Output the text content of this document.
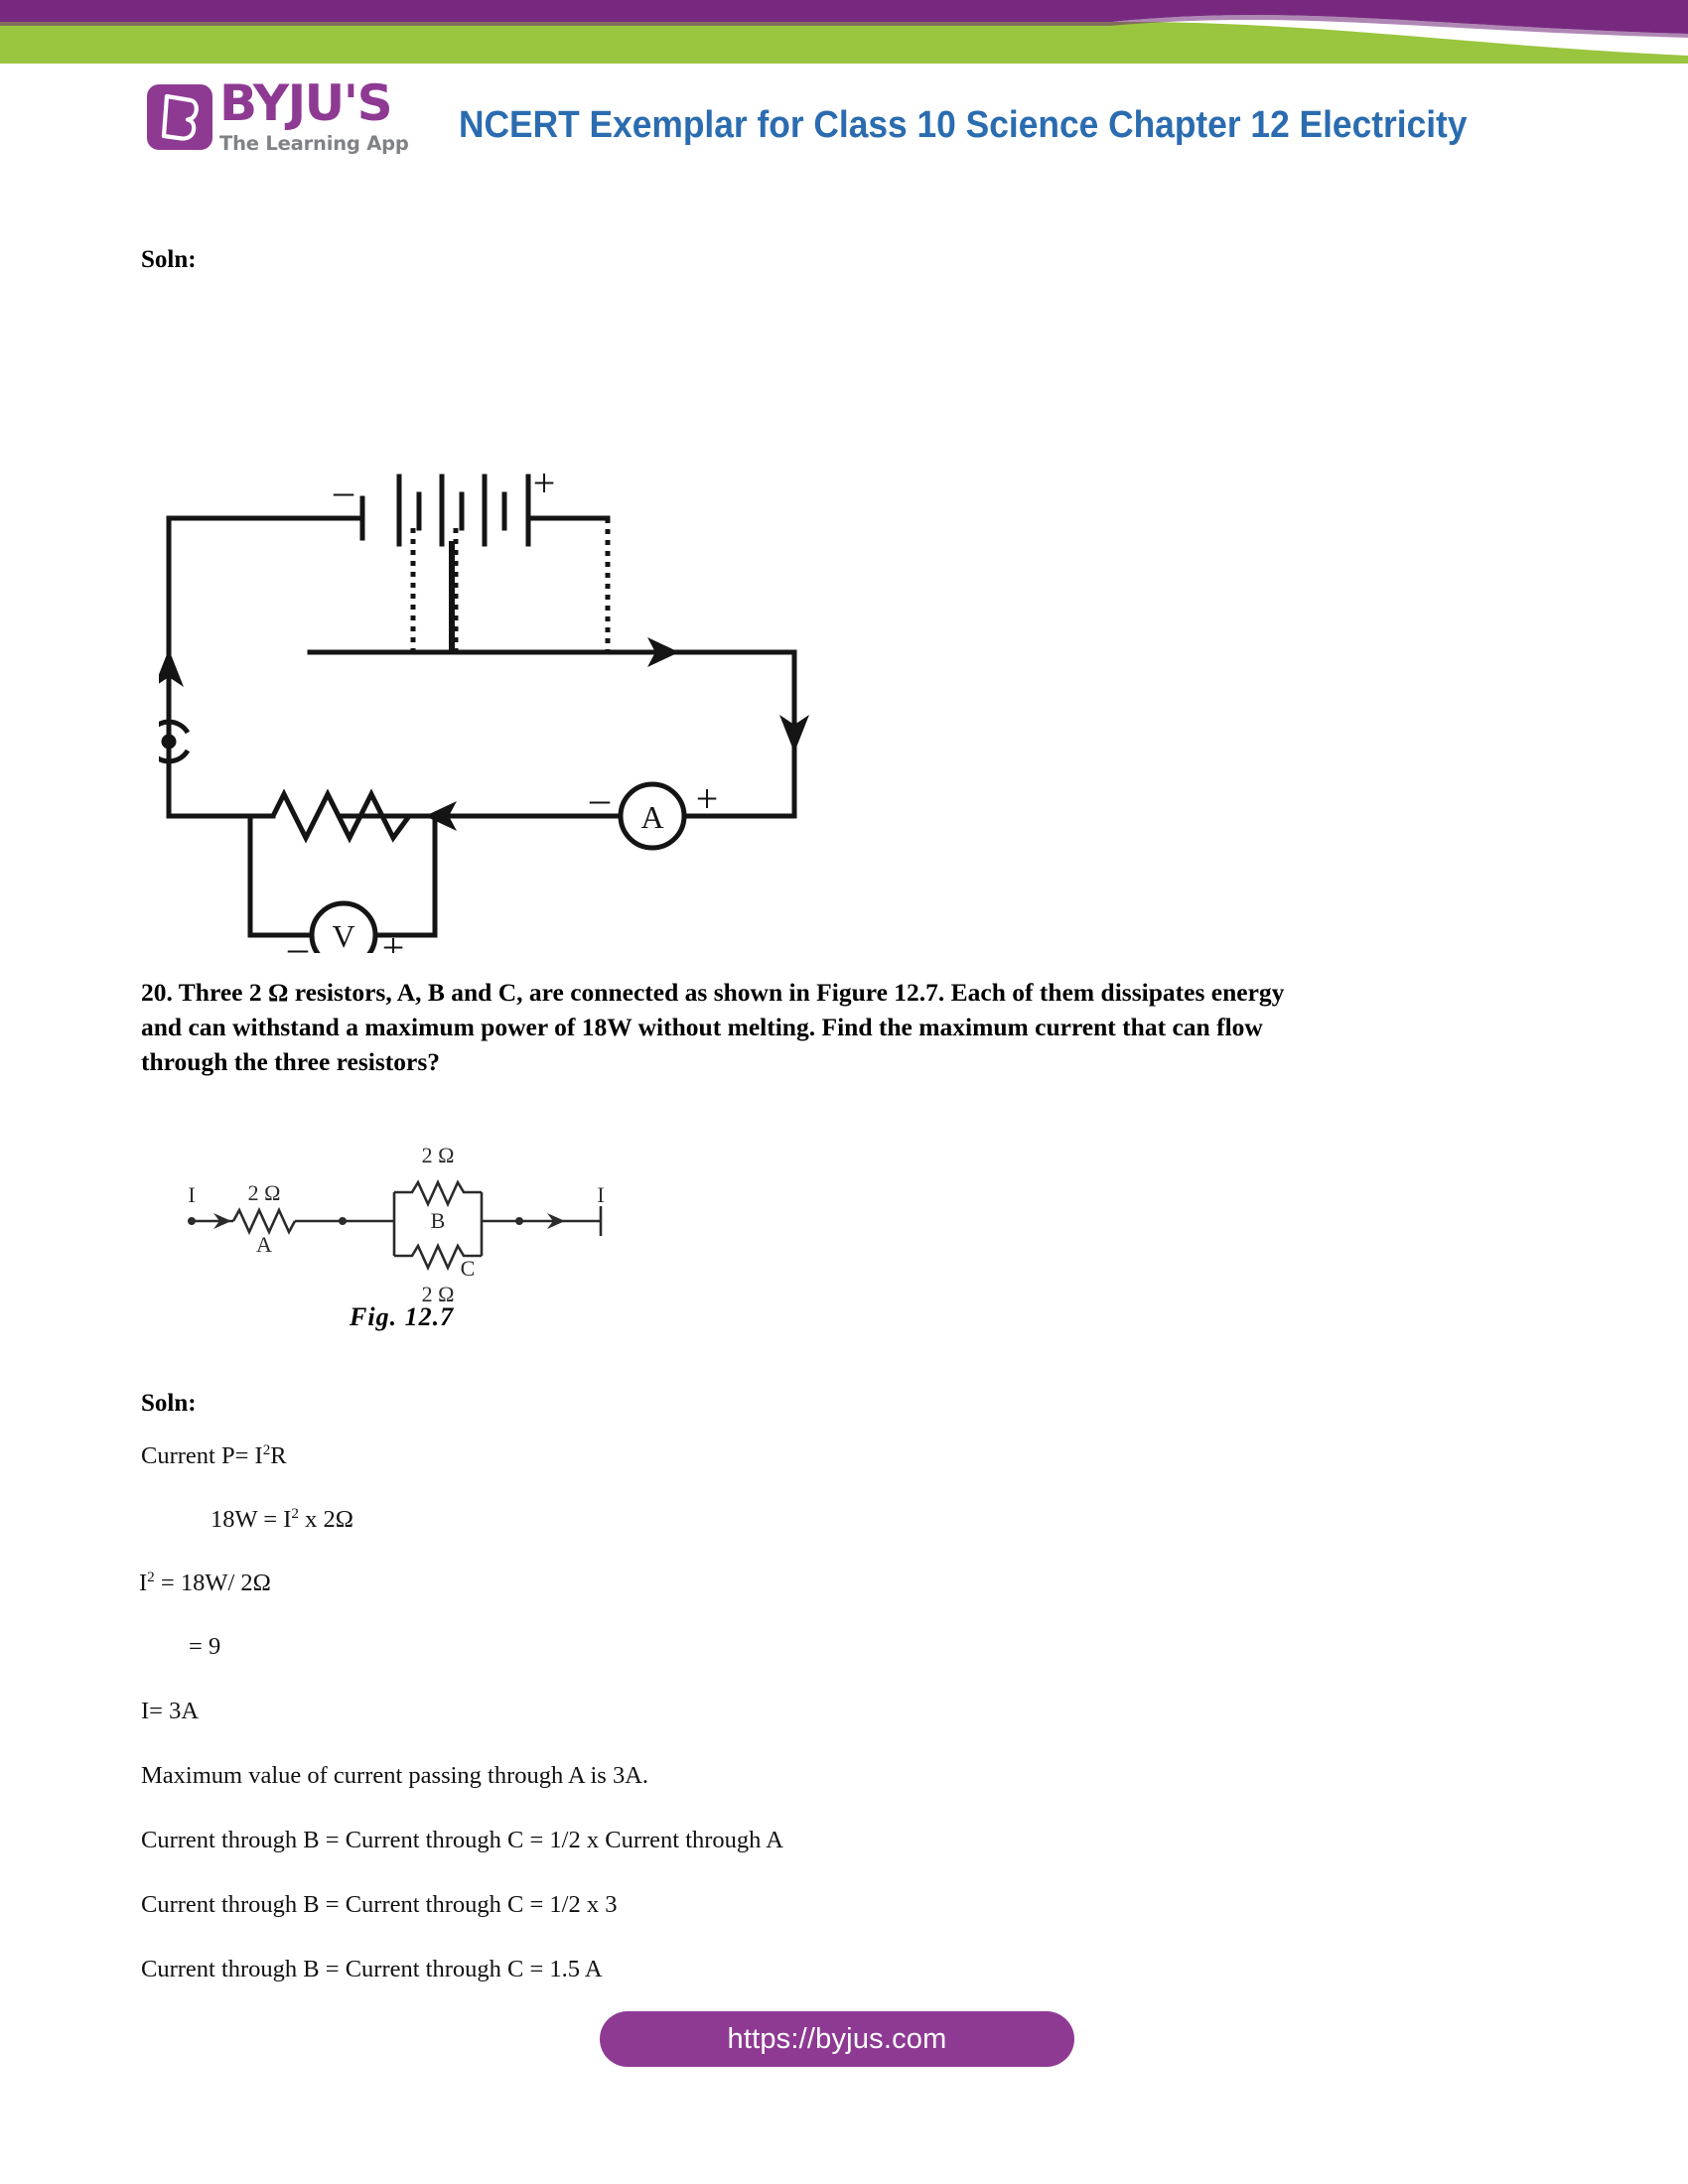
BYJU'S
The Learning App NCERT Exemplar for Class 10 Science Chapter 12 Electricity
Soln:
A
V
–	+
– +
– +
20. Three 2 Ω resistors, A, B and C, are connected as shown in Figure 12.7. Each of them dissipates energy
and can withstand a maximum power of 18W without melting. Find the maximum current that can flow
through the three resistors?
I	I
2 Ω
A
2 Ω
B
C
2 Ω
Fig. 12.7
Soln:
Current $P= I^2R$
$18W = I^2$ x 2Ω
$I^2 = 18W/$ 2Ω
= 9
I= 3A
Maximum value of current passing through A is 3A.
Current through B = Current through C = 1/2 x Current through A
Current through B = Current through C = 1/2 x 3
Current through B = Current through C = 1.5 A
https://byjus.com
